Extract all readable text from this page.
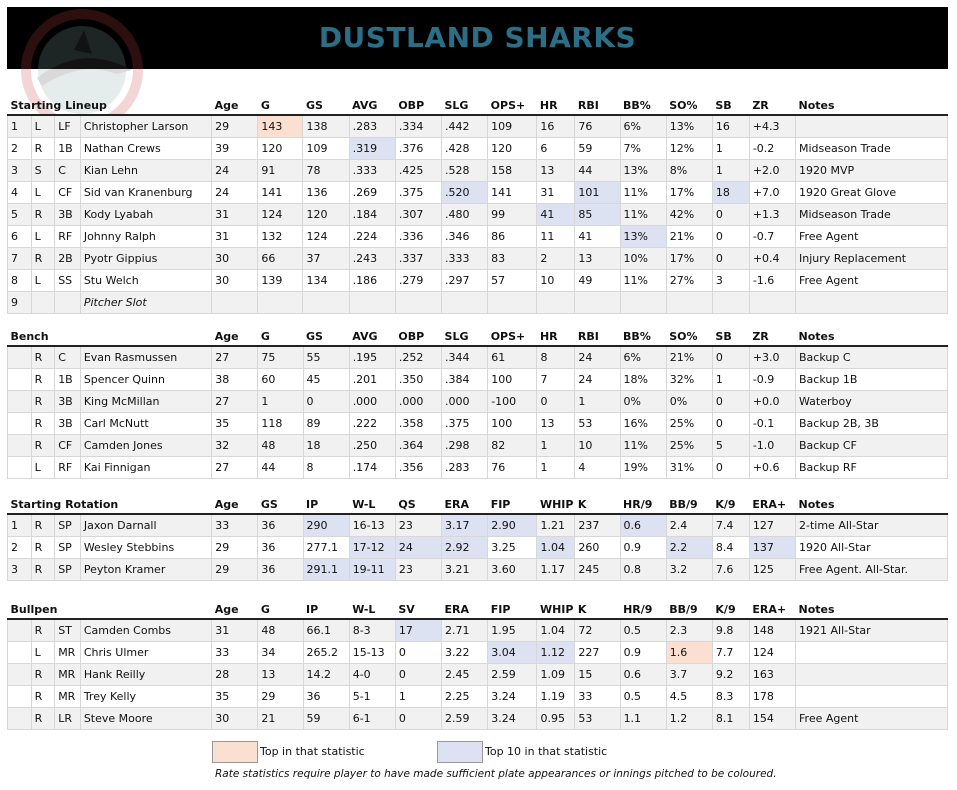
DUSTLAND SHARKS
Starting Lineup				Age	G	GS	AVG	OBP	SLG	OPS+	HR	RBI	BB%	SO%	SB	ZR	Notes
1	L	LF	Christopher Larson	29	143	138	.283	.334	.442	109	16	76	6%	13%	16	+4.3	
2	R	1B	Nathan Crews	39	120	109	.319	.376	.428	120	6	59	7%	12%	1	-0.2	Midseason Trade
3	S	C	Kian Lehn	24	91	78	.333	.425	.528	158	13	44	13%	8%	1	+2.0	1920 MVP
4	L	CF	Sid van Kranenburg	24	141	136	.269	.375	.520	141	31	101	11%	17%	18	+7.0	1920 Great Glove
5	R	3B	Kody Lyabah	31	124	120	.184	.307	.480	99	41	85	11%	42%	0	+1.3	Midseason Trade
6	L	RF	Johnny Ralph	31	132	124	.224	.336	.346	86	11	41	13%	21%	0	-0.7	Free Agent
7	R	2B	Pyotr Gippius	30	66	37	.243	.337	.333	83	2	13	10%	17%	0	+0.4	Injury Replacement
8	L	SS	Stu Welch	30	139	134	.186	.279	.297	57	10	49	11%	27%	3	-1.6	Free Agent
9			Pitcher Slot														
Bench				Age	G	GS	AVG	OBP	SLG	OPS+	HR	RBI	BB%	SO%	SB	ZR	Notes
	R	C	Evan Rasmussen	27	75	55	.195	.252	.344	61	8	24	6%	21%	0	+3.0	Backup C
	R	1B	Spencer Quinn	38	60	45	.201	.350	.384	100	7	24	18%	32%	1	-0.9	Backup 1B
	R	3B	King McMillan	27	1	0	.000	.000	.000	-100	0	1	0%	0%	0	+0.0	Waterboy
	R	3B	Carl McNutt	35	118	89	.222	.358	.375	100	13	53	16%	25%	0	-0.1	Backup 2B, 3B
	R	CF	Camden Jones	32	48	18	.250	.364	.298	82	1	10	11%	25%	5	-1.0	Backup CF
	L	RF	Kai Finnigan	27	44	8	.174	.356	.283	76	1	4	19%	31%	0	+0.6	Backup RF
Starting Rotation				Age	GS	IP	W-L	QS	ERA	FIP	WHIP	K	HR/9	BB/9	K/9	ERA+	Notes
1	R	SP	Jaxon Darnall	33	36	290	16-13	23	3.17	2.90	1.21	237	0.6	2.4	7.4	127	2-time All-Star
2	R	SP	Wesley Stebbins	29	36	277.1	17-12	24	2.92	3.25	1.04	260	0.9	2.2	8.4	137	1920 All-Star
3	R	SP	Peyton Kramer	29	36	291.1	19-11	23	3.21	3.60	1.17	245	0.8	3.2	7.6	125	Free Agent. All-Star.
Bullpen				Age	G	IP	W-L	SV	ERA	FIP	WHIP	K	HR/9	BB/9	K/9	ERA+	Notes
	R	ST	Camden Combs	31	48	66.1	8-3	17	2.71	1.95	1.04	72	0.5	2.3	9.8	148	1921 All-Star
	L	MR	Chris Ulmer	33	34	265.2	15-13	0	3.22	3.04	1.12	227	0.9	1.6	7.7	124	
	R	MR	Hank Reilly	28	13	14.2	4-0	0	2.45	2.59	1.09	15	0.6	3.7	9.2	163	
	R	MR	Trey Kelly	35	29	36	5-1	1	2.25	3.24	1.19	33	0.5	4.5	8.3	178	
	R	LR	Steve Moore	30	21	59	6-1	0	2.59	3.24	0.95	53	1.1	1.2	8.1	154	Free Agent
Top in that statistic	Top 10 in that statistic
Rate statistics require player to have made sufficient plate appearances or innings pitched to be coloured.
